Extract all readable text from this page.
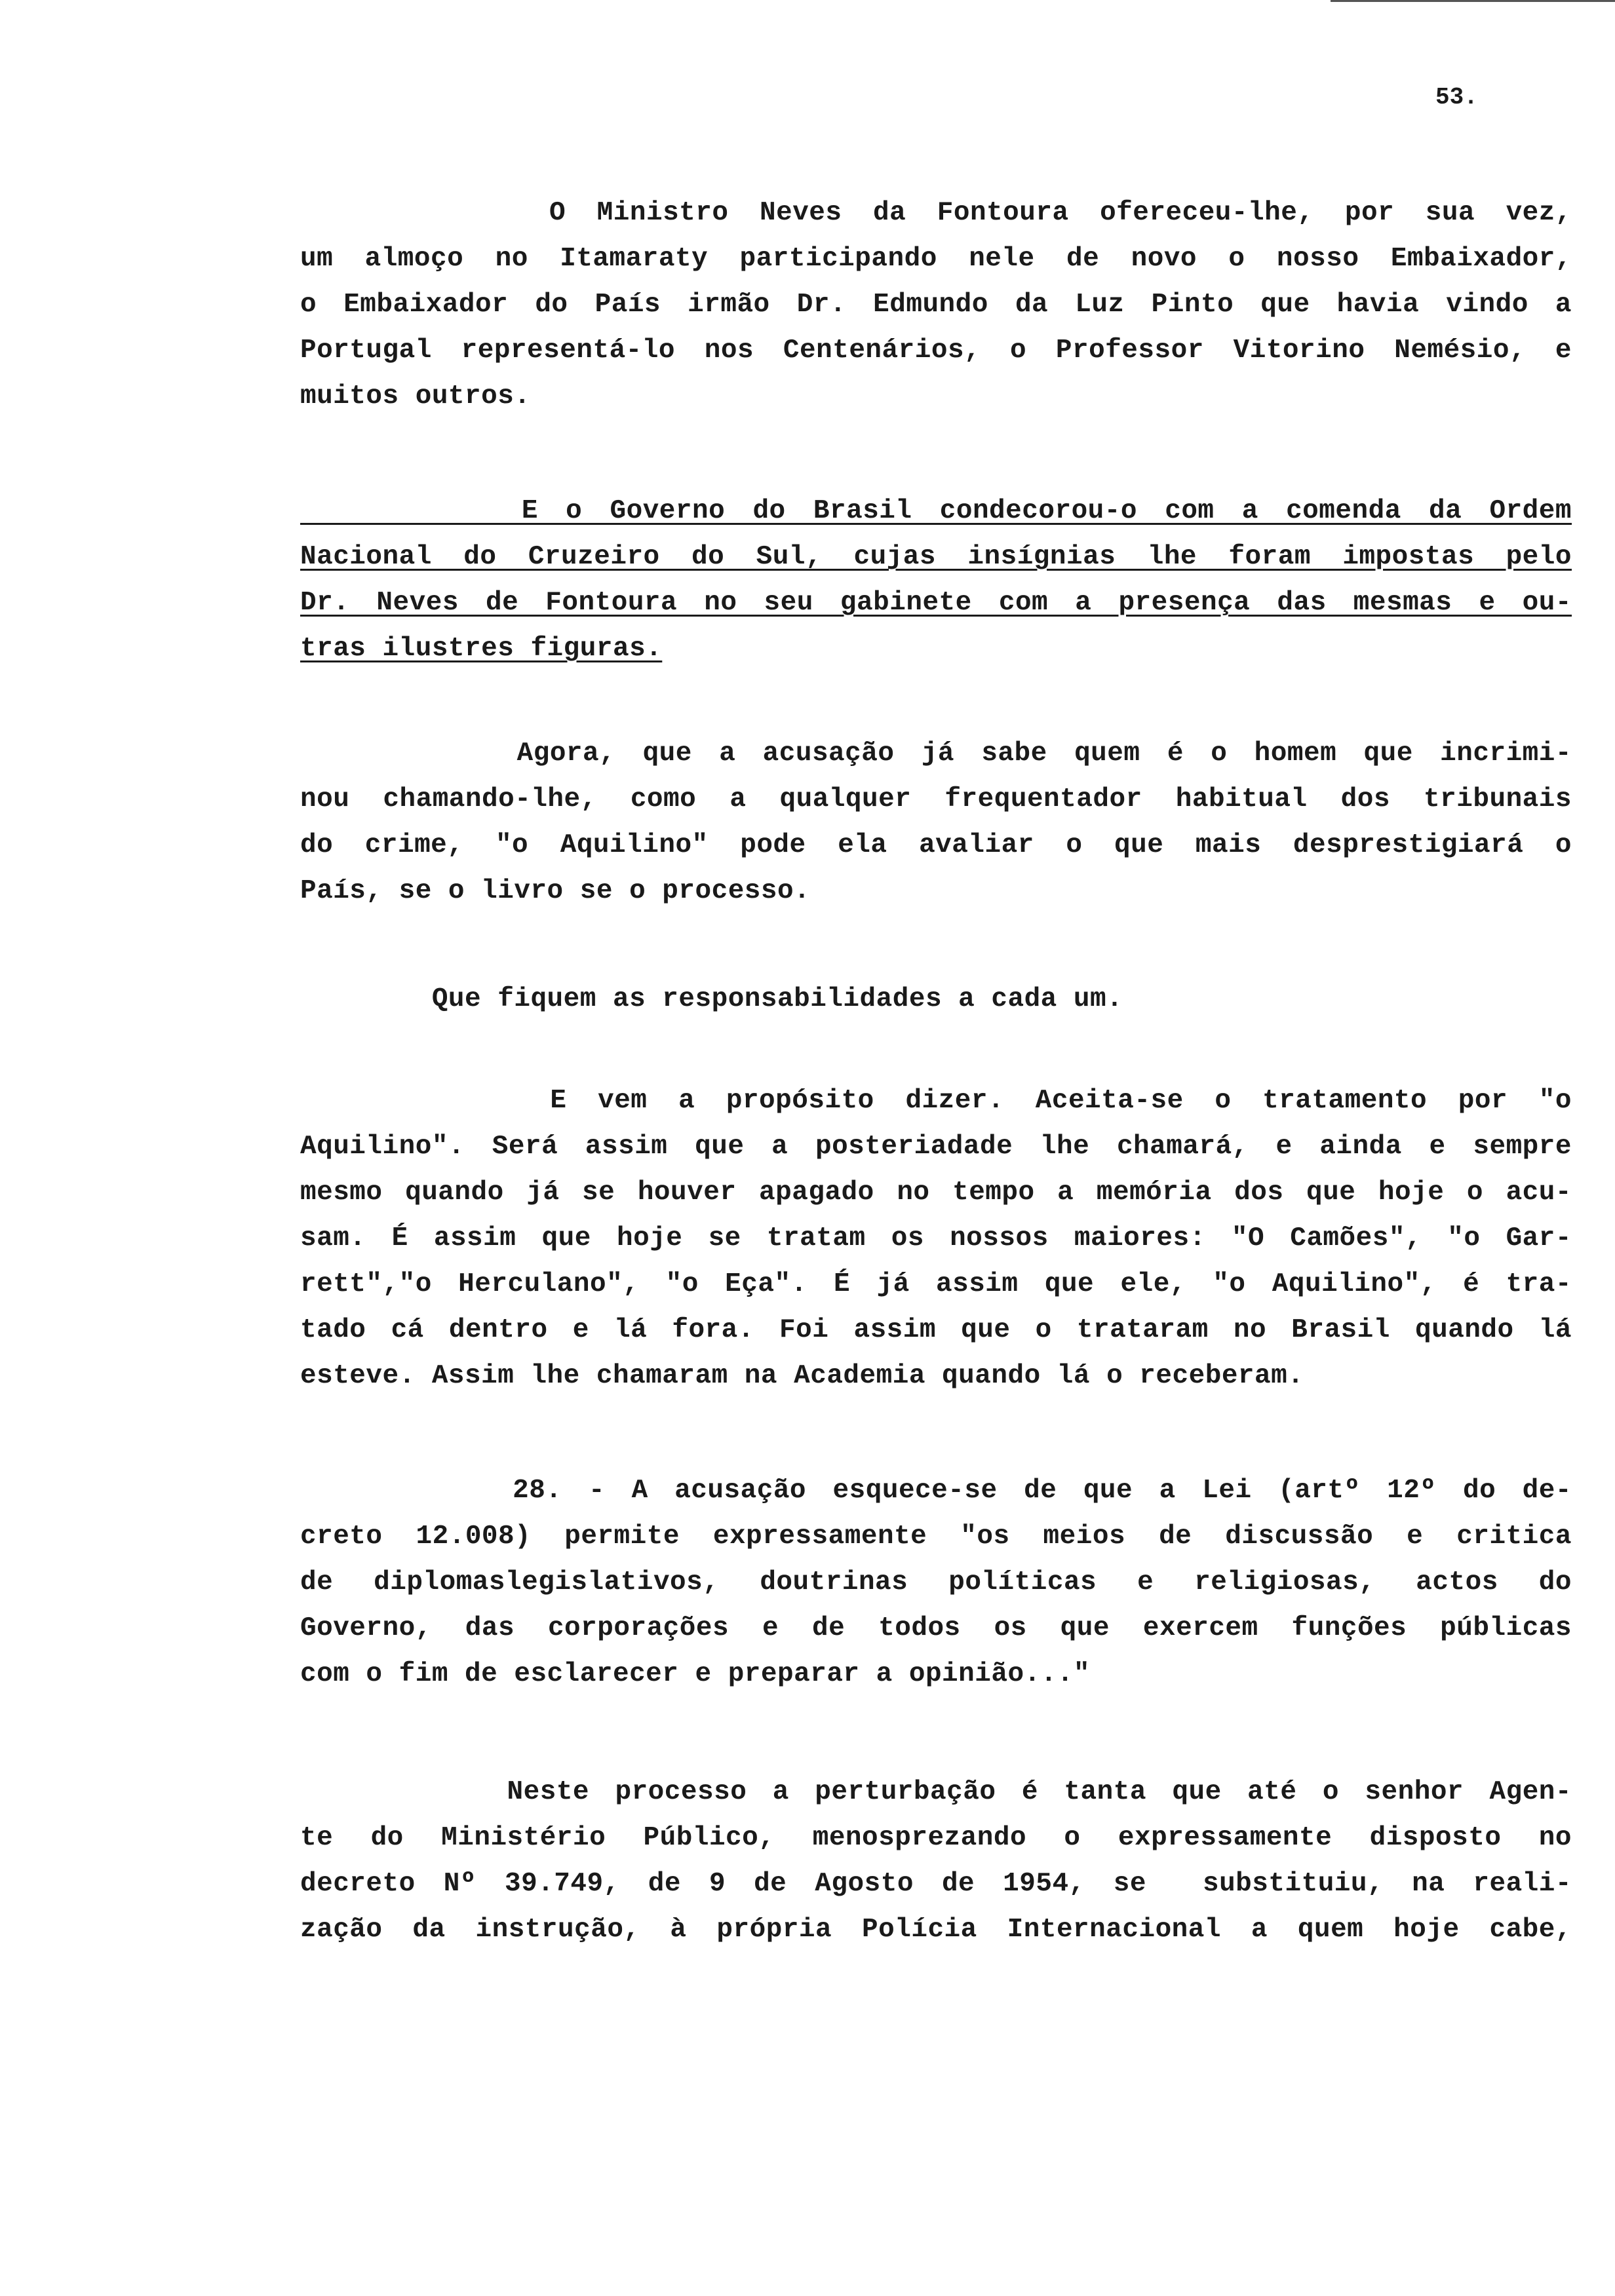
53.
O Ministro Neves da Fontoura ofereceu-lhe, por sua vez,
um almoço no Itamaraty participando nele de novo o nosso Embaixador,
o Embaixador do País irmão Dr. Edmundo da Luz Pinto que havia vindo a
Portugal representá-lo nos Centenários, o Professor Vitorino Nemésio, e
muitos outros.
E o Governo do Brasil condecorou-o com a comenda da Ordem
Nacional do Cruzeiro do Sul, cujas insígnias lhe foram impostas pelo
Dr. Neves de Fontoura no seu gabinete com a presença das mesmas e ou-
tras ilustres figuras.
Agora, que a acusação já sabe quem é o homem que incrimi-
nou chamando-lhe, como a qualquer frequentador habitual dos tribunais
do crime, "o Aquilino" pode ela avaliar o que mais desprestigiará o
País, se o livro se o processo.
Que fiquem as responsabilidades a cada um.
E vem a propósito dizer. Aceita-se o tratamento por "o
Aquilino". Será assim que a posteriadade lhe chamará, e ainda e sempre
mesmo quando já se houver apagado no tempo a memória dos que hoje o acu-
sam. É assim que hoje se tratam os nossos maiores: "O Camões", "o Gar-
rett","o Herculano", "o Eça". É já assim que ele, "o Aquilino", é tra-
tado cá dentro e lá fora. Foi assim que o trataram no Brasil quando lá
esteve. Assim lhe chamaram na Academia quando lá o receberam.
28. - A acusação esquece-se de que a Lei (artº 12º do de-
creto 12.008) permite expressamente "os meios de discussão e critica
de diplomaslegislativos, doutrinas políticas e religiosas, actos do
Governo, das corporações e de todos os que exercem funções públicas
com o fim de esclarecer e preparar a opinião..."
Neste processo a perturbação é tanta que até o senhor Agen-
te do Ministério Público, menosprezando o expressamente disposto no
decreto Nº 39.749, de 9 de Agosto de 1954, se  substituiu, na reali-
zação da instrução, à própria Polícia Internacional a quem hoje cabe,
